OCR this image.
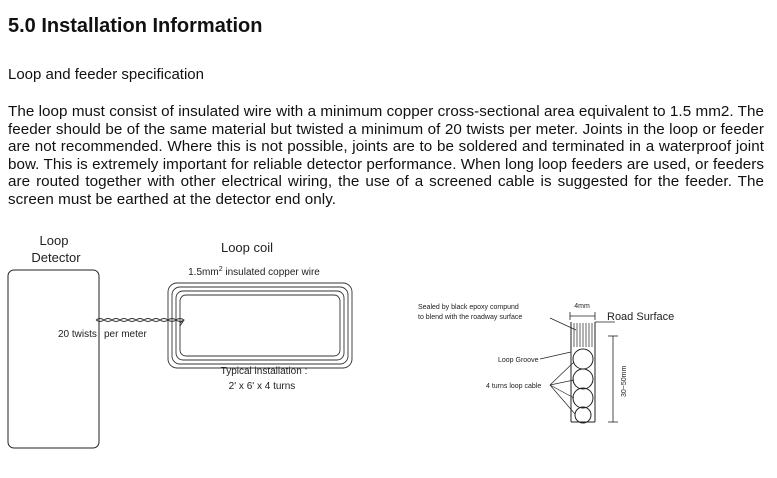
5.0 Installation Information
Loop and feeder specification
The loop must consist of insulated wire with a minimum copper cross-sectional area equivalent to 1.5 mm2. The feeder should be of the same material but twisted a minimum of 20 twists per meter. Joints in the loop or feeder are not recommended. Where this is not possible, joints are to be soldered and terminated in a waterproof joint bow. This is extremely important for reliable detector performance. When long loop feeders are used, or feeders are routed together with other electrical wiring, the use of a screened cable is suggested for the feeder. The screen must be earthed at the detector end only.
Loop
Detector
Loop coil
$1.5mm^2$ insulated copper wire
20 twists per meter
Typical installation :
2' x 6' x 4 turns
Sealed by black epoxy compund
to blend with the roadway surface
4mm
Road Surface
Loop Groove
4 turns loop cable	30~50mm
